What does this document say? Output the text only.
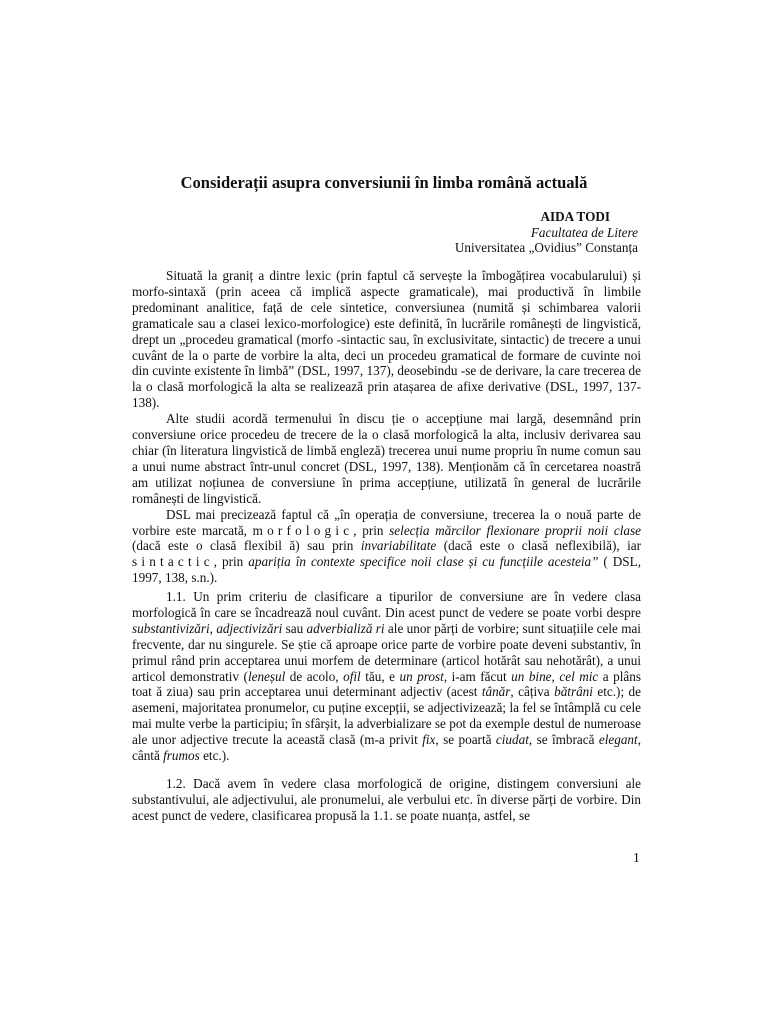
Considerații asupra conversiunii în limba română actuală
AIDA TODI
Facultatea de Litere
Universitatea „Ovidius” Constanța

Situată la graniț a dintre lexic (prin faptul că servește la îmbogățirea vocabularului) și morfo-sintaxă (prin aceea că implică aspecte gramaticale), mai productivă în limbile predominant analitice, față de cele sintetice, conversiunea (numită și schimbarea valorii gramaticale sau a clasei lexico-morfologice) este definită, în lucrările românești de lingvistică, drept un „procedeu gramatical (morfo -sintactic sau, în exclusivitate, sintactic) de trecere a unui cuvânt de la o parte de vorbire la alta, deci un procedeu gramatical de formare de cuvinte noi din cuvinte existente în limbă” (DSL, 1997, 137), deosebindu -se de derivare, la care trecerea de la o clasă morfologică la alta se realizează prin atașarea de afixe derivative (DSL, 1997, 137-138).

Alte studii acordă termenului în discu ție o accepțiune mai largă, desemnând prin conversiune orice procedeu de trecere de la o clasă morfologică la alta, inclusiv derivarea sau chiar (în literatura lingvistică de limbă engleză) trecerea unui nume propriu în nume comun sau a unui nume abstract într-unul concret (DSL, 1997, 138). Menționăm că în cercetarea noastră am utilizat noțiunea de conversiune în prima accepțiune, utilizată în general de lucrările românești de lingvistică.

DSL mai precizează faptul că „în operația de conversiune, trecerea la o nouă parte de vorbire este marcată, morfologic, prin selecția mărcilor flexionare proprii noii clase (dacă este o clasă flexibil ă) sau prin invariabilitate (dacă este o clasă neflexibilă), iar sintactic, prin apariția în contexte specifice noii clase și cu funcțiile acesteia” ( DSL, 1997, 138, s.n.).

1.1. Un prim criteriu de clasificare a tipurilor de conversiune are în vedere clasa morfologică în care se încadrează noul cuvânt. Din acest punct de vedere se poate vorbi despre substantivizări, adjectivizări sau adverbializă ri ale unor părți de vorbire; sunt situațiile cele mai frecvente, dar nu singurele. Se știe că aproape orice parte de vorbire poate deveni substantiv, în primul rând prin acceptarea unui morfem de determinare (articol hotărât sau nehotărât), a unui articol demonstrativ (leneșul de acolo, ofil tău, e un prost, i-am făcut un bine, cel mic a plâns toat ă ziua) sau prin acceptarea unui determinant adjectiv (acest tânăr, câțiva bătrâni etc.); de asemeni, majoritatea pronumelor, cu puține excepții, se adjectivizează; la fel se întâmplă cu cele mai multe verbe la participiu; în sfârșit, la adverbializare se pot da exemple destul de numeroase ale unor adjective trecute la această clasă (m-a privit fix, se poartă ciudat, se îmbracă elegant, cântă frumos etc.).

1.2. Dacă avem în vedere clasa morfologică de origine, distingem conversiuni ale substantivului, ale adjectivului, ale pronumelui, ale verbului etc. în diverse părți de vorbire. Din acest punct de vedere, clasificarea propusă la 1.1. se poate nuanța, astfel, se

1
